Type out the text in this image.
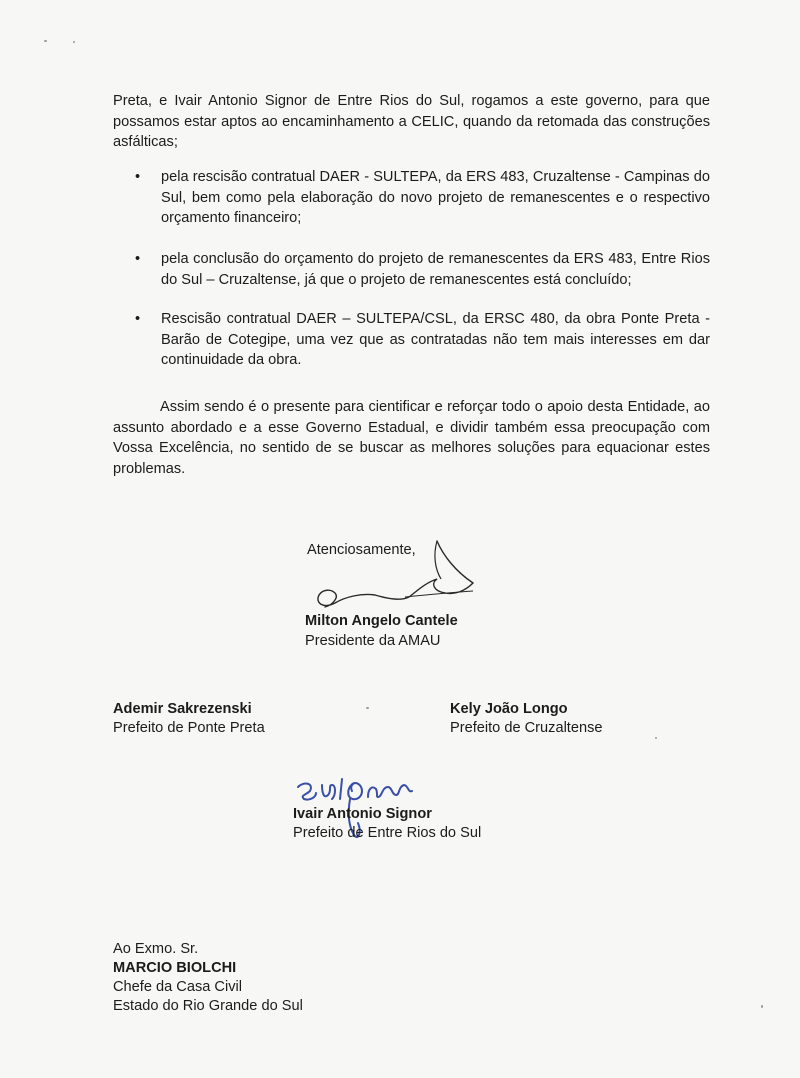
Preta, e Ivair Antonio Signor de Entre Rios do Sul, rogamos a este governo, para que possamos estar aptos ao encaminhamento a CELIC, quando da retomada das construções asfálticas;

• pela rescisão contratual DAER - SULTEPA, da ERS 483, Cruzaltense - Campinas do Sul, bem como pela elaboração do novo projeto de remanescentes e o respectivo orçamento financeiro;
• pela conclusão do orçamento do projeto de remanescentes da ERS 483, Entre Rios do Sul – Cruzaltense, já que o projeto de remanescentes está concluído;
• Rescisão contratual DAER – SULTEPA/CSL, da ERSC 480, da obra Ponte Preta - Barão de Cotegipe, uma vez que as contratadas não tem mais interesses em dar continuidade da obra.

Assim sendo é o presente para cientificar e reforçar todo o apoio desta Entidade, ao assunto abordado e a esse Governo Estadual, e dividir também essa preocupação com Vossa Excelência, no sentido de se buscar as melhores soluções para equacionar estes problemas.

Atenciosamente,
Milton Angelo Cantele
Presidente da AMAU
Ademir Sakrezenski
Prefeito de Ponte Preta
Kely João Longo
Prefeito de Cruzaltense
Ivair Antonio Signor
Prefeito de Entre Rios do Sul
Ao Exmo. Sr.
MARCIO BIOLCHI
Chefe da Casa Civil
Estado do Rio Grande do Sul
